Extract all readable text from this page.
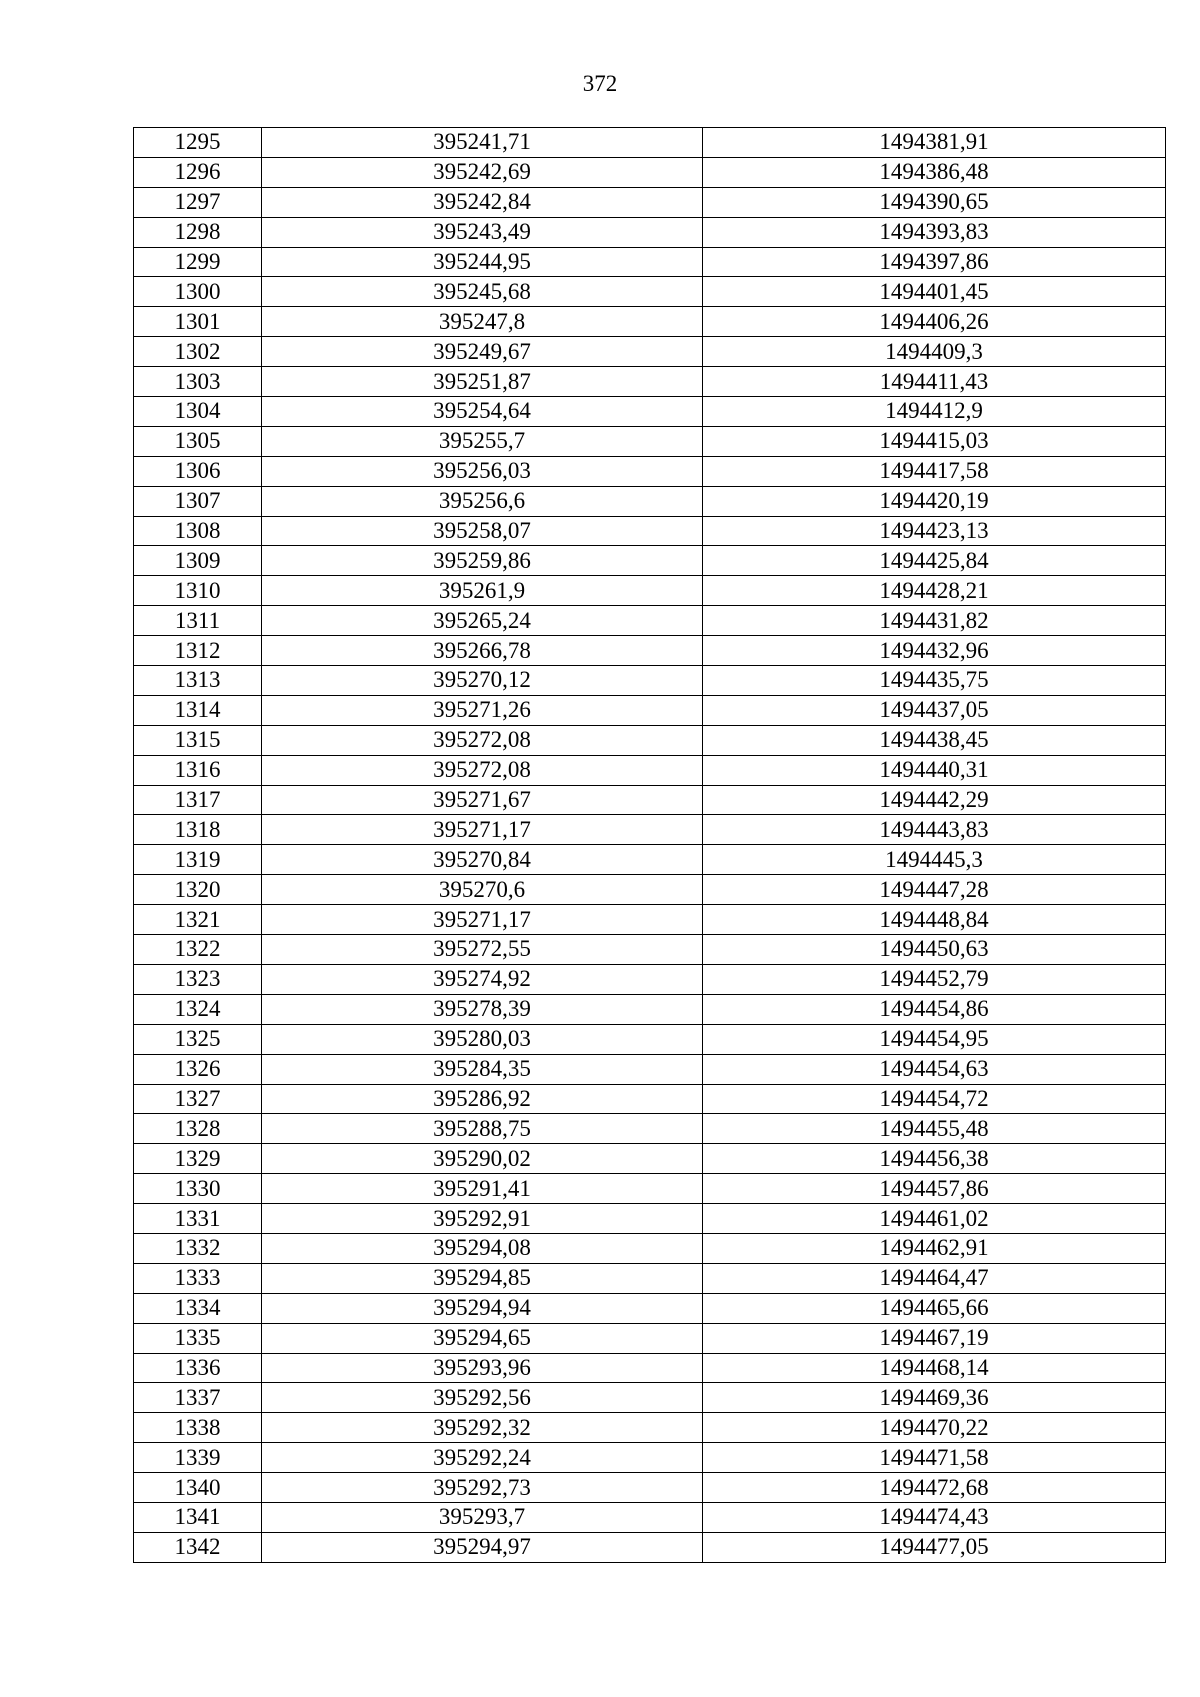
372
1295	395241,71	1494381,91
1296	395242,69	1494386,48
1297	395242,84	1494390,65
1298	395243,49	1494393,83
1299	395244,95	1494397,86
1300	395245,68	1494401,45
1301	395247,8	1494406,26
1302	395249,67	1494409,3
1303	395251,87	1494411,43
1304	395254,64	1494412,9
1305	395255,7	1494415,03
1306	395256,03	1494417,58
1307	395256,6	1494420,19
1308	395258,07	1494423,13
1309	395259,86	1494425,84
1310	395261,9	1494428,21
1311	395265,24	1494431,82
1312	395266,78	1494432,96
1313	395270,12	1494435,75
1314	395271,26	1494437,05
1315	395272,08	1494438,45
1316	395272,08	1494440,31
1317	395271,67	1494442,29
1318	395271,17	1494443,83
1319	395270,84	1494445,3
1320	395270,6	1494447,28
1321	395271,17	1494448,84
1322	395272,55	1494450,63
1323	395274,92	1494452,79
1324	395278,39	1494454,86
1325	395280,03	1494454,95
1326	395284,35	1494454,63
1327	395286,92	1494454,72
1328	395288,75	1494455,48
1329	395290,02	1494456,38
1330	395291,41	1494457,86
1331	395292,91	1494461,02
1332	395294,08	1494462,91
1333	395294,85	1494464,47
1334	395294,94	1494465,66
1335	395294,65	1494467,19
1336	395293,96	1494468,14
1337	395292,56	1494469,36
1338	395292,32	1494470,22
1339	395292,24	1494471,58
1340	395292,73	1494472,68
1341	395293,7	1494474,43
1342	395294,97	1494477,05
